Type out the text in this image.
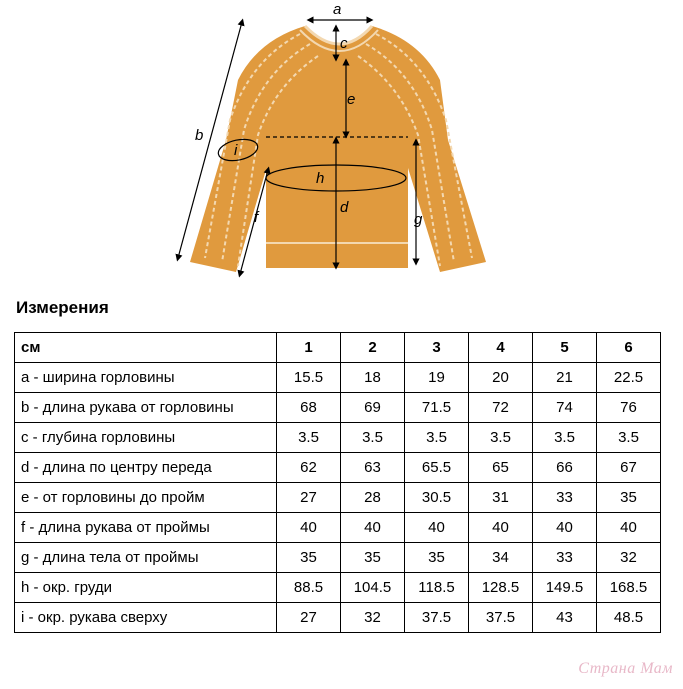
a
c
e
d
h
g
b
f
i
Измерения
см	1	2	3	4	5	6
a - ширина горловины	15.5	18	19	20	21	22.5
b - длина рукава от горловины	68	69	71.5	72	74	76
c - глубина горловины	3.5	3.5	3.5	3.5	3.5	3.5
d - длина по центру переда	62	63	65.5	65	66	67
e - от горловины до пройм	27	28	30.5	31	33	35
f - длина рукава от проймы	40	40	40	40	40	40
g - длина тела от проймы	35	35	35	34	33	32
h - окр. груди	88.5	104.5	118.5	128.5	149.5	168.5
i - окр. рукава сверху	27	32	37.5	37.5	43	48.5
Страна Мам
